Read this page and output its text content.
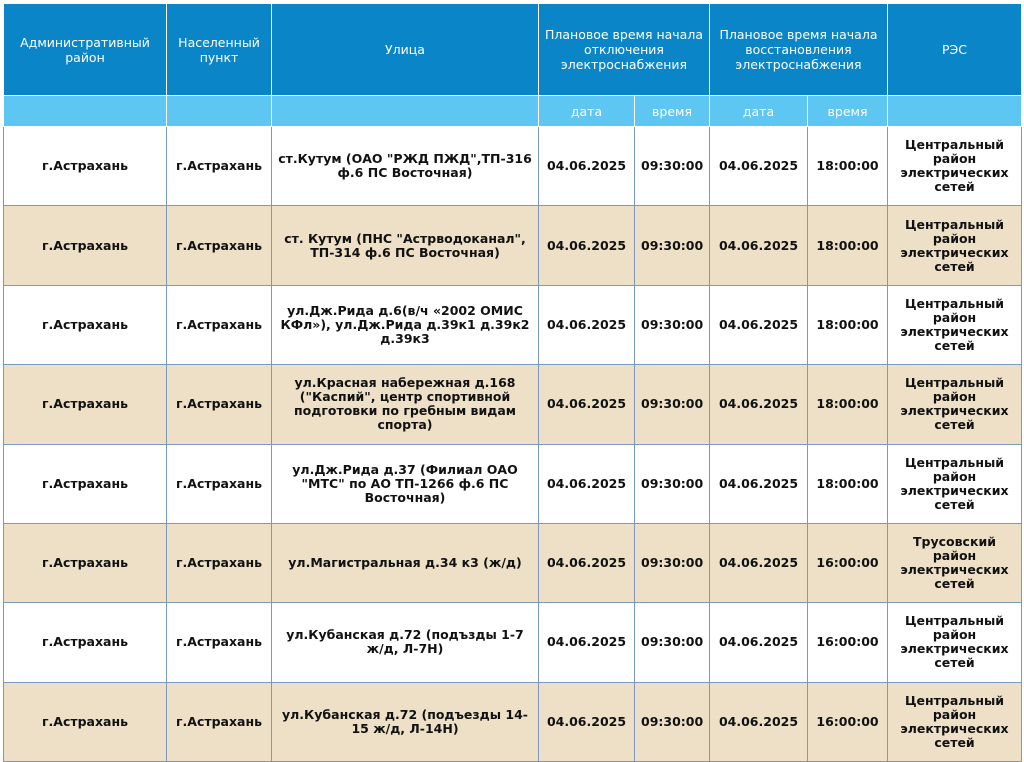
Административный район	Населенный пункт	Улица	Плановое время начала отключения электроснабжения		Плановое время начала восстановления электроснабжения		РЭС
			дата	время	дата	время	
г.Астрахань	г.Астрахань	ст.Кутум (ОАО "РЖД ПЖД",ТП-316 ф.6 ПС Восточная)	04.06.2025	09:30:00	04.06.2025	18:00:00	Центральный район электрических сетей
г.Астрахань	г.Астрахань	ст. Кутум (ПНС "Астрводоканал", ТП-314 ф.6 ПС Восточная)	04.06.2025	09:30:00	04.06.2025	18:00:00	Центральный район электрических сетей
г.Астрахань	г.Астрахань	ул.Дж.Рида д.6(в/ч «2002 ОМИС КФл»), ул.Дж.Рида д.39к1 д.39к2 д.39к3	04.06.2025	09:30:00	04.06.2025	18:00:00	Центральный район электрических сетей
г.Астрахань	г.Астрахань	ул.Красная набережная д.168 ("Каспий", центр спортивной подготовки по гребным видам спорта)	04.06.2025	09:30:00	04.06.2025	18:00:00	Центральный район электрических сетей
г.Астрахань	г.Астрахань	ул.Дж.Рида д.37 (Филиал ОАО "МТС" по АО ТП-1266 ф.6 ПС Восточная)	04.06.2025	09:30:00	04.06.2025	18:00:00	Центральный район электрических сетей
г.Астрахань	г.Астрахань	ул.Магистральная д.34 к3 (ж/д)	04.06.2025	09:30:00	04.06.2025	16:00:00	Трусовский район электрических сетей
г.Астрахань	г.Астрахань	ул.Кубанская д.72 (подъзды 1-7 ж/д, Л-7Н)	04.06.2025	09:30:00	04.06.2025	16:00:00	Центральный район электрических сетей
г.Астрахань	г.Астрахань	ул.Кубанская д.72 (подъезды 14-15 ж/д, Л-14Н)	04.06.2025	09:30:00	04.06.2025	16:00:00	Центральный район электрических сетей
